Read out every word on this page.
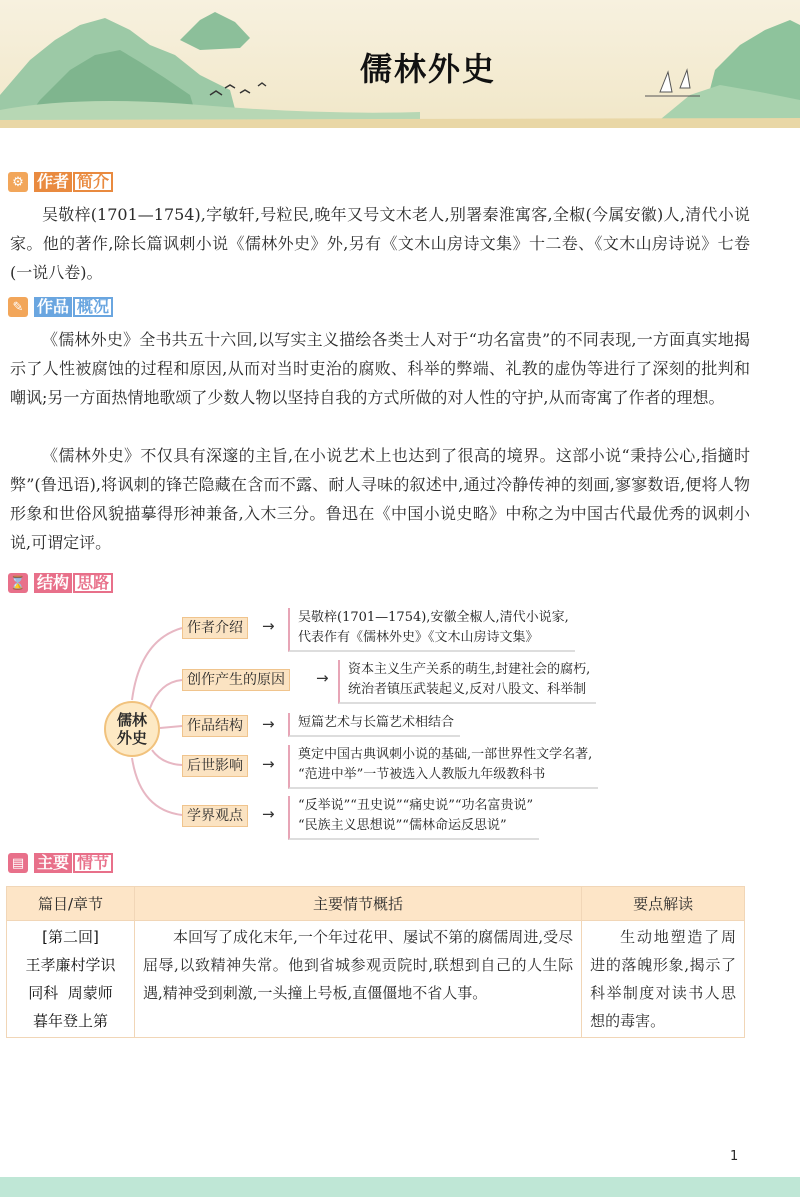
儒林外史
⚙ 作者 简介
吴敬梓(1701—1754),字敏轩,号粒民,晚年又号文木老人,别署秦淮寓客,全椒(今属安徽)人,清代小说家。他的著作,除长篇讽刺小说《儒林外史》外,另有《文木山房诗文集》十二卷、《文木山房诗说》七卷(一说八卷)。
✎ 作品 概况
《儒林外史》全书共五十六回,以写实主义描绘各类士人对于“功名富贵”的不同表现,一方面真实地揭示了人性被腐蚀的过程和原因,从而对当时吏治的腐败、科举的弊端、礼教的虚伪等进行了深刻的批判和嘲讽;另一方面热情地歌颂了少数人物以坚持自我的方式所做的对人性的守护,从而寄寓了作者的理想。
《儒林外史》不仅具有深邃的主旨,在小说艺术上也达到了很高的境界。这部小说“秉持公心,指擿时弊”(鲁迅语),将讽刺的锋芒隐藏在含而不露、耐人寻味的叙述中,通过冷静传神的刻画,寥寥数语,便将人物形象和世俗风貌描摹得形神兼备,入木三分。鲁迅在《中国小说史略》中称之为中国古代最优秀的讽刺小说,可谓定评。
⌛ 结构 思路
儒林
外史
作者介绍	→ 吴敬梓(1701—1754),安徽全椒人,清代小说家,
代表作有《儒林外史》《文木山房诗文集》
创作产生的原因	→ 资本主义生产关系的萌生,封建社会的腐朽,
统治者镇压武装起义,反对八股文、科举制
作品结构	→ 短篇艺术与长篇艺术相结合
后世影响	→
奠定中国古典讽刺小说的基础,一部世界性文学名著,
“范进中举”一节被选入人教版九年级教科书
学界观点	→ “反举说”“丑史说”“痛史说”“功名富贵说”
“民族主义思想说”“儒林命运反思说”
▤ 主要 情节
篇目/章节	主要情节概括	要点解读

[第二回]
王孝廉村学识
同科  周蒙师
暮年登上第	本回写了成化末年,一个年过花甲、屡试不第的腐儒周进,受尽屈辱,以致精神失常。他到省城参观贡院时,联想到自己的人生际遇,精神受到刺激,一头撞上号板,直僵僵地不省人事。	生动地塑造了周进的落魄形象,揭示了科举制度对读书人思想的毒害。
1
